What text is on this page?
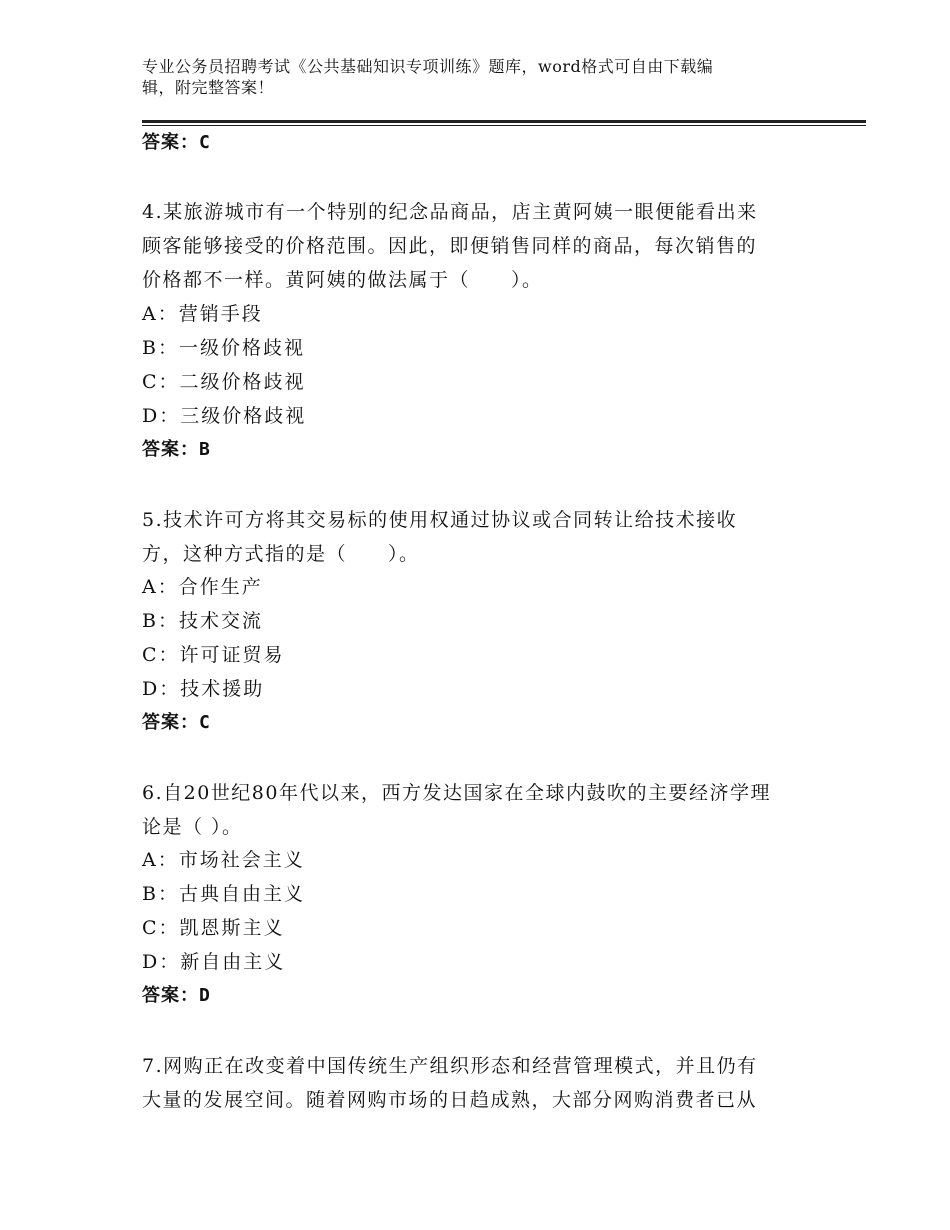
专业公务员招聘考试《公共基础知识专项训练》题库，word格式可自由下载编
辑，附完整答案！
答案：C
4.某旅游城市有一个特别的纪念品商品，店主黄阿姨一眼便能看出来
顾客能够接受的价格范围。因此，即便销售同样的商品，每次销售的
价格都不一样。黄阿姨的做法属于（　　）。
A：营销手段
B：一级价格歧视
C：二级价格歧视
D：三级价格歧视
答案：B
5.技术许可方将其交易标的使用权通过协议或合同转让给技术接收
方，这种方式指的是（　　）。
A：合作生产
B：技术交流
C：许可证贸易
D：技术援助
答案：C
6.自20世纪80年代以来，西方发达国家在全球内鼓吹的主要经济学理
论是（ ）。
A：市场社会主义
B：古典自由主义
C：凯恩斯主义
D：新自由主义
答案：D
7.网购正在改变着中国传统生产组织形态和经营管理模式，并且仍有
大量的发展空间。随着网购市场的日趋成熟，大部分网购消费者已从
